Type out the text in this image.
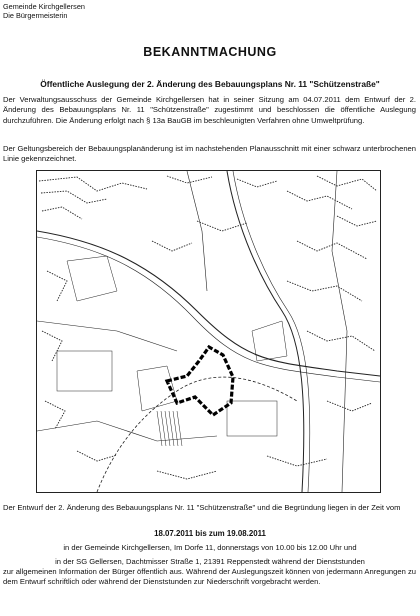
Gemeinde Kirchgellersen
Die Bürgermeisterin
BEKANNTMACHUNG
Öffentliche Auslegung der 2. Änderung des Bebauungsplans Nr. 11 "Schützenstraße"
Der Verwaltungsausschuss der Gemeinde Kirchgellersen hat in seiner Sitzung am 04.07.2011 dem Entwurf der 2. Änderung des Bebauungsplans Nr. 11 "Schützenstraße" zugestimmt und beschlossen die öffentliche Auslegung durchzuführen. Die Änderung erfolgt nach § 13a BauGB im beschleunigten Verfahren ohne Umweltprüfung.
Der Geltungsbereich der Bebauungsplanänderung ist im nachstehenden Planausschnitt mit einer schwarz unterbrochenen Linie gekennzeichnet.
Der Entwurf der 2. Änderung des Bebauungsplans Nr. 11 "Schützenstraße" und die Begründung liegen in der Zeit vom
18.07.2011 bis zum 19.08.2011
in der Gemeinde Kirchgellersen, Im Dorfe 11, donnerstags von 10.00 bis 12.00 Uhr und
in der SG Gellersen, Dachtmisser Straße 1, 21391 Reppenstedt während der Dienststunden
zur allgemeinen Information der Bürger öffentlich aus. Während der Auslegungszeit können von jedermann Anregungen zu dem Entwurf schriftlich oder während der Dienststunden zur Niederschrift vorgebracht werden.
